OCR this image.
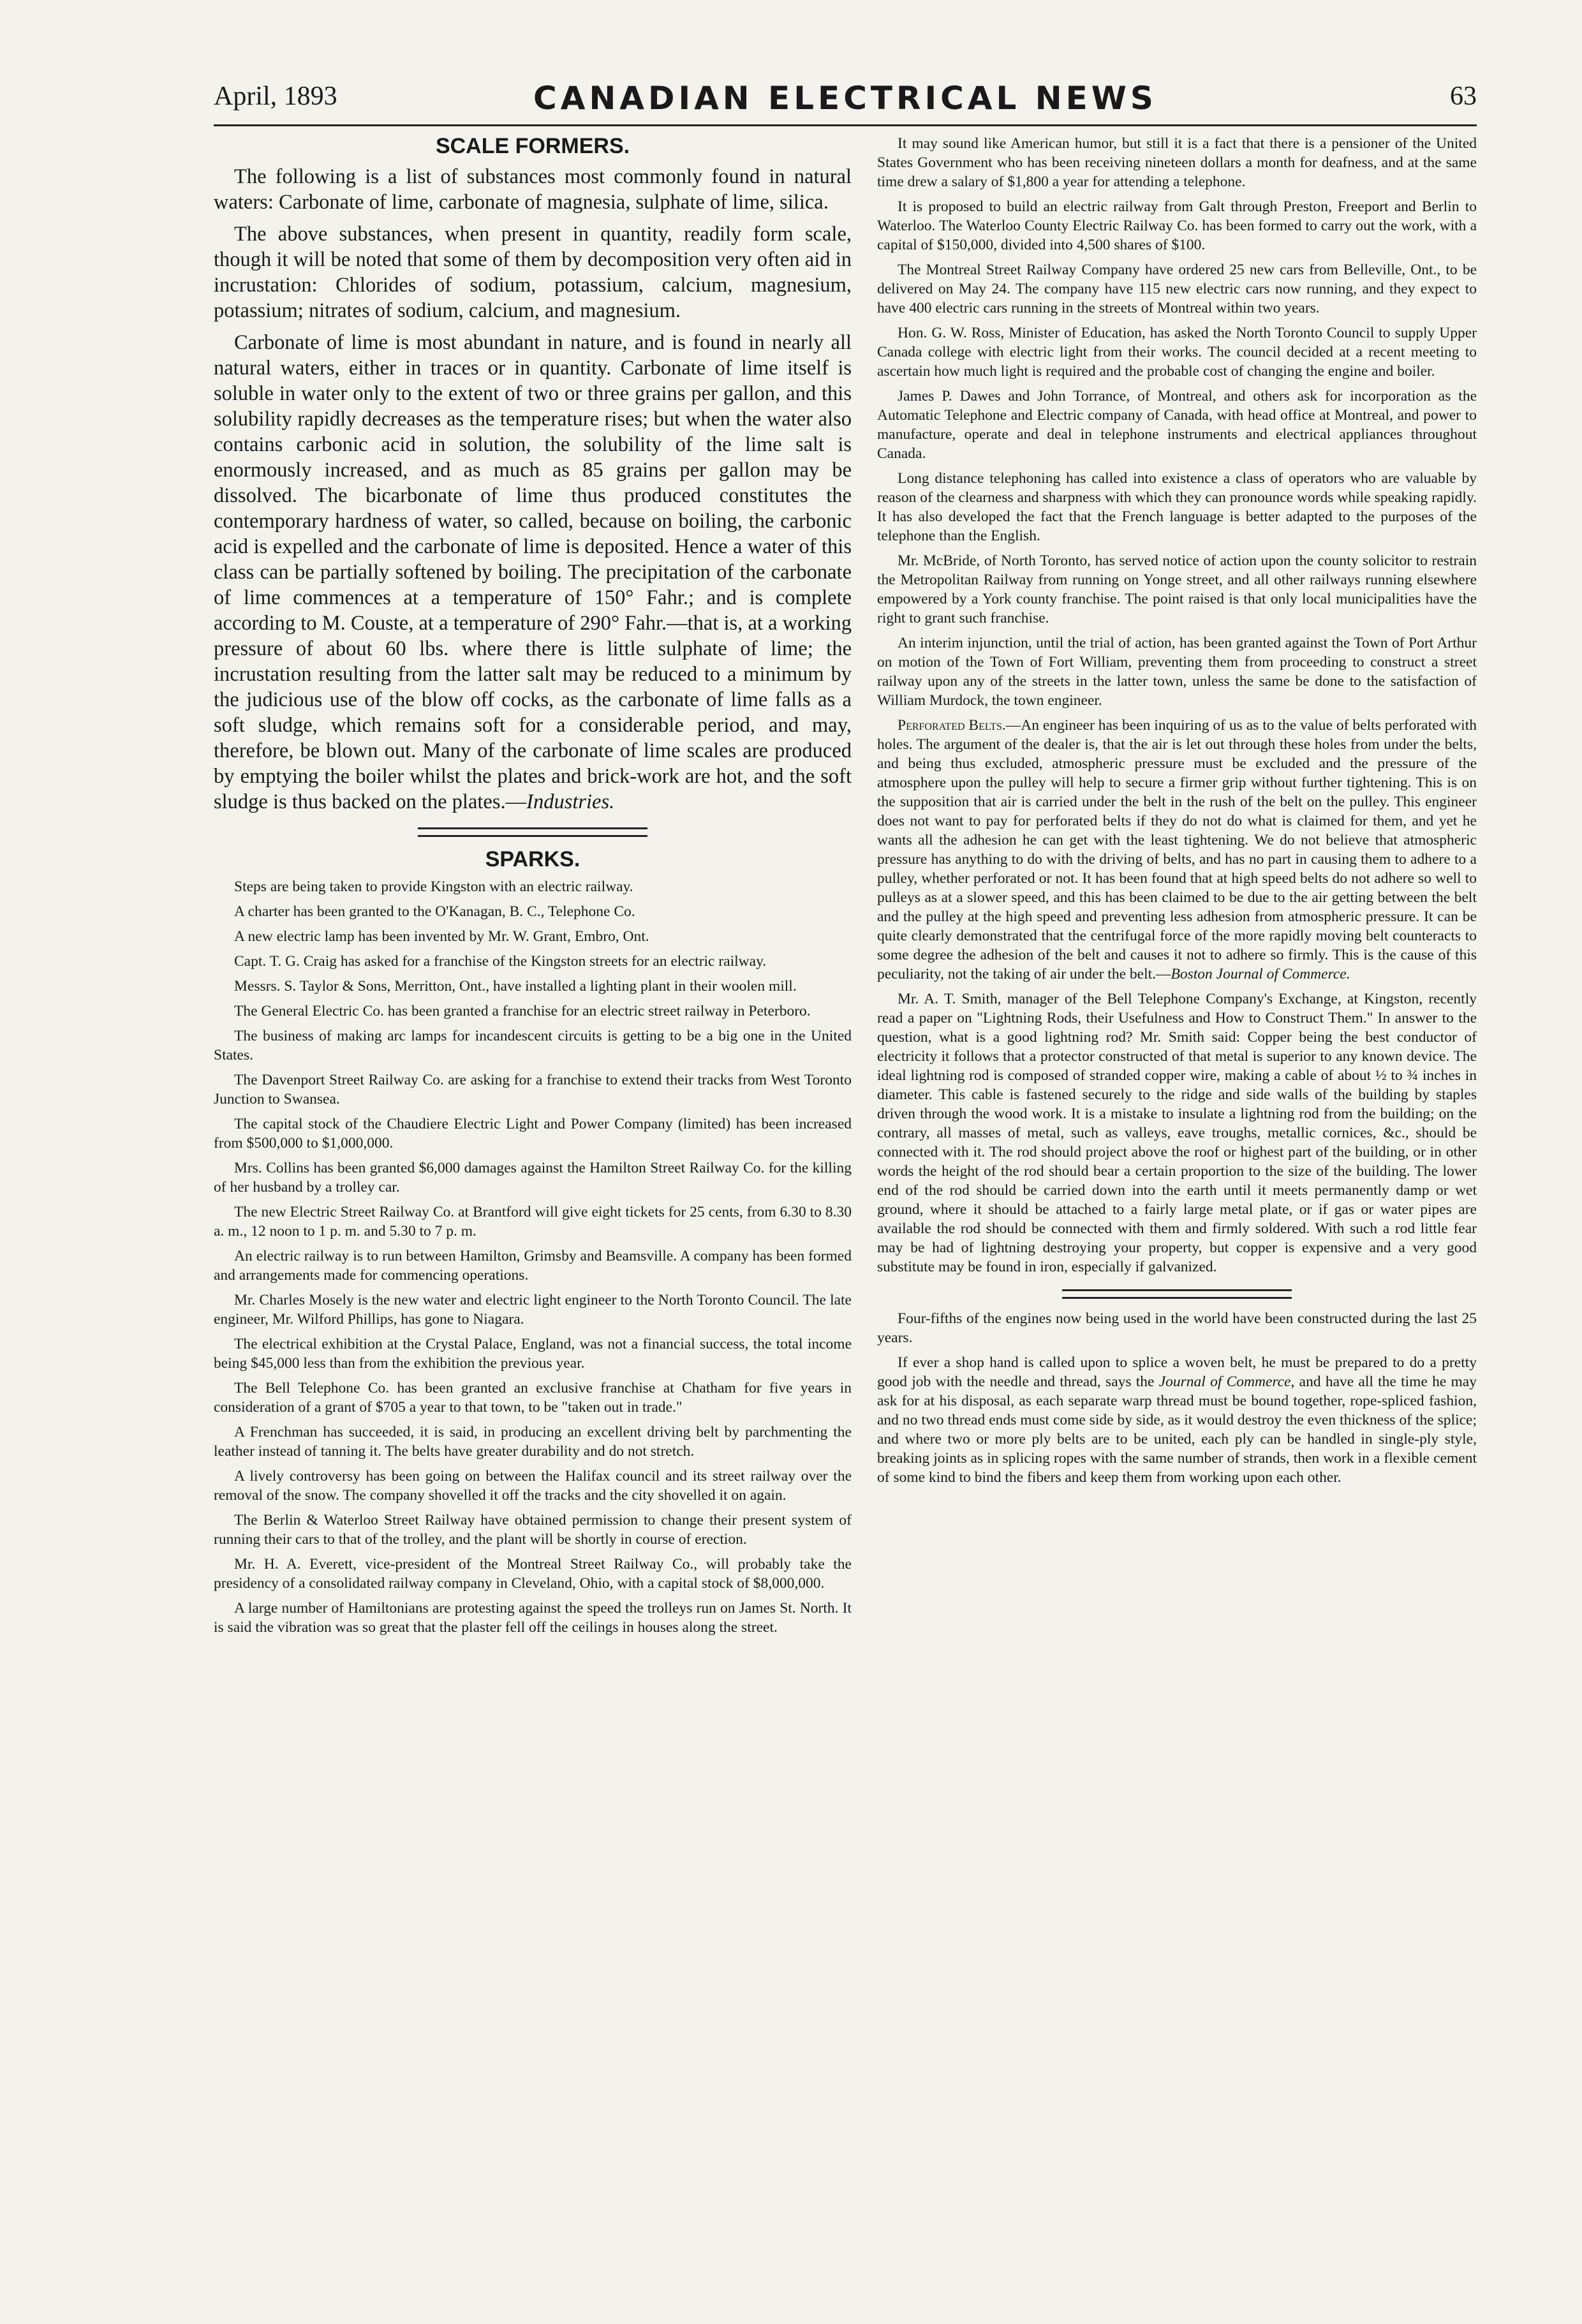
April, 1893	CANADIAN ELECTRICAL NEWS	63
SCALE FORMERS.

The following is a list of substances most commonly found in natural waters: Carbonate of lime, carbonate of magnesia, sulphate of lime, silica.

The above substances, when present in quantity, readily form scale, though it will be noted that some of them by decomposition very often aid in incrustation: Chlorides of sodium, potassium, calcium, magnesium, potassium; nitrates of sodium, calcium, and magnesium.

Carbonate of lime is most abundant in nature, and is found in nearly all natural waters, either in traces or in quantity. Carbonate of lime itself is soluble in water only to the extent of two or three grains per gallon, and this solubility rapidly decreases as the temperature rises; but when the water also contains carbonic acid in solution, the solubility of the lime salt is enormously increased, and as much as 85 grains per gallon may be dissolved. The bicarbonate of lime thus produced constitutes the contemporary hardness of water, so called, because on boiling, the carbonic acid is expelled and the carbonate of lime is deposited. Hence a water of this class can be partially softened by boiling. The precipitation of the carbonate of lime commences at a temperature of 150° Fahr.; and is complete according to M. Couste, at a temperature of 290° Fahr.—that is, at a working pressure of about 60 lbs. where there is little sulphate of lime; the incrustation resulting from the latter salt may be reduced to a minimum by the judicious use of the blow off cocks, as the carbonate of lime falls as a soft sludge, which remains soft for a considerable period, and may, therefore, be blown out. Many of the carbonate of lime scales are produced by emptying the boiler whilst the plates and brick-work are hot, and the soft sludge is thus backed on the plates.—Industries.

SPARKS.

Steps are being taken to provide Kingston with an electric railway.

A charter has been granted to the O'Kanagan, B. C., Telephone Co.

A new electric lamp has been invented by Mr. W. Grant, Embro, Ont.

Capt. T. G. Craig has asked for a franchise of the Kingston streets for an electric railway.

Messrs. S. Taylor & Sons, Merritton, Ont., have installed a lighting plant in their woolen mill.

The General Electric Co. has been granted a franchise for an electric street railway in Peterboro.

The business of making arc lamps for incandescent circuits is getting to be a big one in the United States.

The Davenport Street Railway Co. are asking for a franchise to extend their tracks from West Toronto Junction to Swansea.

The capital stock of the Chaudiere Electric Light and Power Company (limited) has been increased from $500,000 to $1,000,000.

Mrs. Collins has been granted $6,000 damages against the Hamilton Street Railway Co. for the killing of her husband by a trolley car.

The new Electric Street Railway Co. at Brantford will give eight tickets for 25 cents, from 6.30 to 8.30 a. m., 12 noon to 1 p. m. and 5.30 to 7 p. m.

An electric railway is to run between Hamilton, Grimsby and Beamsville. A company has been formed and arrangements made for commencing operations.

Mr. Charles Mosely is the new water and electric light engineer to the North Toronto Council. The late engineer, Mr. Wilford Phillips, has gone to Niagara.

The electrical exhibition at the Crystal Palace, England, was not a financial success, the total income being $45,000 less than from the exhibition the previous year.

The Bell Telephone Co. has been granted an exclusive franchise at Chatham for five years in consideration of a grant of $705 a year to that town, to be "taken out in trade."

A Frenchman has succeeded, it is said, in producing an excellent driving belt by parchmenting the leather instead of tanning it. The belts have greater durability and do not stretch.

A lively controversy has been going on between the Halifax council and its street railway over the removal of the snow. The company shovelled it off the tracks and the city shovelled it on again.

The Berlin & Waterloo Street Railway have obtained permission to change their present system of running their cars to that of the trolley, and the plant will be shortly in course of erection.

Mr. H. A. Everett, vice-president of the Montreal Street Railway Co., will probably take the presidency of a consolidated railway company in Cleveland, Ohio, with a capital stock of $8,000,000.

A large number of Hamiltonians are protesting against the speed the trolleys run on James St. North. It is said the vibration was so great that the plaster fell off the ceilings in houses along the street.

It may sound like American humor, but still it is a fact that there is a pensioner of the United States Government who has been receiving nineteen dollars a month for deafness, and at the same time drew a salary of $1,800 a year for attending a telephone.

It is proposed to build an electric railway from Galt through Preston, Freeport and Berlin to Waterloo. The Waterloo County Electric Railway Co. has been formed to carry out the work, with a capital of $150,000, divided into 4,500 shares of $100.

The Montreal Street Railway Company have ordered 25 new cars from Belleville, Ont., to be delivered on May 24. The company have 115 new electric cars now running, and they expect to have 400 electric cars running in the streets of Montreal within two years.

Hon. G. W. Ross, Minister of Education, has asked the North Toronto Council to supply Upper Canada college with electric light from their works. The council decided at a recent meeting to ascertain how much light is required and the probable cost of changing the engine and boiler.

James P. Dawes and John Torrance, of Montreal, and others ask for incorporation as the Automatic Telephone and Electric company of Canada, with head office at Montreal, and power to manufacture, operate and deal in telephone instruments and electrical appliances throughout Canada.

Long distance telephoning has called into existence a class of operators who are valuable by reason of the clearness and sharpness with which they can pronounce words while speaking rapidly. It has also developed the fact that the French language is better adapted to the purposes of the telephone than the English.

Mr. McBride, of North Toronto, has served notice of action upon the county solicitor to restrain the Metropolitan Railway from running on Yonge street, and all other railways running elsewhere empowered by a York county franchise. The point raised is that only local municipalities have the right to grant such franchise.

An interim injunction, until the trial of action, has been granted against the Town of Port Arthur on motion of the Town of Fort William, preventing them from proceeding to construct a street railway upon any of the streets in the latter town, unless the same be done to the satisfaction of William Murdock, the town engineer.

Perforated Belts.—An engineer has been inquiring of us as to the value of belts perforated with holes. The argument of the dealer is, that the air is let out through these holes from under the belts, and being thus excluded, atmospheric pressure must be excluded and the pressure of the atmosphere upon the pulley will help to secure a firmer grip without further tightening. This is on the supposition that air is carried under the belt in the rush of the belt on the pulley. This engineer does not want to pay for perforated belts if they do not do what is claimed for them, and yet he wants all the adhesion he can get with the least tightening. We do not believe that atmospheric pressure has anything to do with the driving of belts, and has no part in causing them to adhere to a pulley, whether perforated or not. It has been found that at high speed belts do not adhere so well to pulleys as at a slower speed, and this has been claimed to be due to the air getting between the belt and the pulley at the high speed and preventing less adhesion from atmospheric pressure. It can be quite clearly demonstrated that the centrifugal force of the more rapidly moving belt counteracts to some degree the adhesion of the belt and causes it not to adhere so firmly. This is the cause of this peculiarity, not the taking of air under the belt.—Boston Journal of Commerce.

Mr. A. T. Smith, manager of the Bell Telephone Company's Exchange, at Kingston, recently read a paper on "Lightning Rods, their Usefulness and How to Construct Them." In answer to the question, what is a good lightning rod? Mr. Smith said: Copper being the best conductor of electricity it follows that a protector constructed of that metal is superior to any known device. The ideal lightning rod is composed of stranded copper wire, making a cable of about ½ to ¾ inches in diameter. This cable is fastened securely to the ridge and side walls of the building by staples driven through the wood work. It is a mistake to insulate a lightning rod from the building; on the contrary, all masses of metal, such as valleys, eave troughs, metallic cornices, &c., should be connected with it. The rod should project above the roof or highest part of the building, or in other words the height of the rod should bear a certain proportion to the size of the building. The lower end of the rod should be carried down into the earth until it meets permanently damp or wet ground, where it should be attached to a fairly large metal plate, or if gas or water pipes are available the rod should be connected with them and firmly soldered. With such a rod little fear may be had of lightning destroying your property, but copper is expensive and a very good substitute may be found in iron, especially if galvanized.

Four-fifths of the engines now being used in the world have been constructed during the last 25 years.

If ever a shop hand is called upon to splice a woven belt, he must be prepared to do a pretty good job with the needle and thread, says the Journal of Commerce, and have all the time he may ask for at his disposal, as each separate warp thread must be bound together, rope-spliced fashion, and no two thread ends must come side by side, as it would destroy the even thickness of the splice; and where two or more ply belts are to be united, each ply can be handled in single-ply style, breaking joints as in splicing ropes with the same number of strands, then work in a flexible cement of some kind to bind the fibers and keep them from working upon each other.
